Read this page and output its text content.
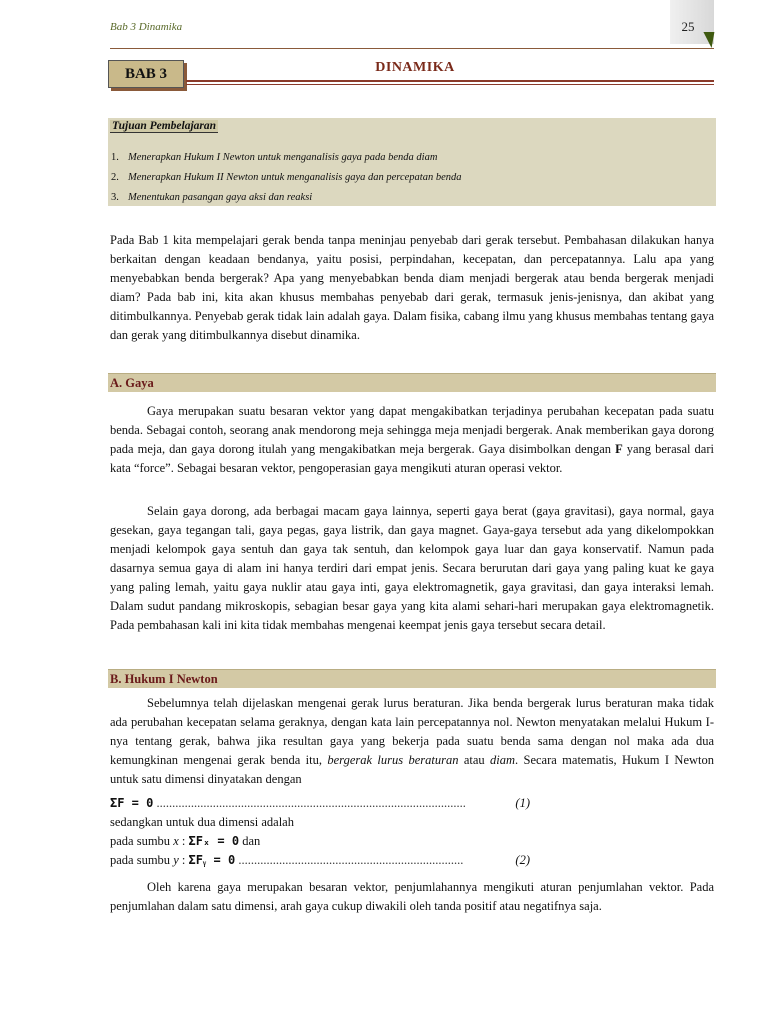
Bab 3 Dinamika	25
BAB 3	DINAMIKA
Tujuan Pembelajaran
1. Menerapkan Hukum I Newton untuk menganalisis gaya pada benda diam
2. Menerapkan Hukum II Newton untuk menganalisis gaya dan percepatan benda
3. Menentukan pasangan gaya aksi dan reaksi

Pada Bab 1 kita mempelajari gerak benda tanpa meninjau penyebab dari gerak tersebut. Pembahasan dilakukan hanya berkaitan dengan keadaan bendanya, yaitu posisi, perpindahan, kecepatan, dan percepatannya. Lalu apa yang menyebabkan benda bergerak? Apa yang menyebabkan benda diam menjadi bergerak atau benda bergerak menjadi diam? Pada bab ini, kita akan khusus membahas penyebab dari gerak, termasuk jenis-jenisnya, dan akibat yang ditimbulkannya. Penyebab gerak tidak lain adalah gaya. Dalam fisika, cabang ilmu yang khusus membahas tentang gaya dan gerak yang ditimbulkannya disebut dinamika.

A. Gaya

Gaya merupakan suatu besaran vektor yang dapat mengakibatkan terjadinya perubahan kecepatan pada suatu benda. Sebagai contoh, seorang anak mendorong meja sehingga meja menjadi bergerak. Anak memberikan gaya dorong pada meja, dan gaya dorong itulah yang mengakibatkan meja bergerak. Gaya disimbolkan dengan F yang berasal dari kata “force”. Sebagai besaran vektor, pengoperasian gaya mengikuti aturan operasi vektor.

Selain gaya dorong, ada berbagai macam gaya lainnya, seperti gaya berat (gaya gravitasi), gaya normal, gaya gesekan, gaya tegangan tali, gaya pegas, gaya listrik, dan gaya magnet. Gaya-gaya tersebut ada yang dikelompokkan menjadi kelompok gaya sentuh dan gaya tak sentuh, dan kelompok gaya luar dan gaya konservatif. Namun pada dasarnya semua gaya di alam ini hanya terdiri dari empat jenis. Secara berurutan dari gaya yang paling kuat ke gaya yang paling lemah, yaitu gaya nuklir atau gaya inti, gaya elektromagnetik, gaya gravitasi, dan gaya interaksi lemah. Dalam sudut pandang mikroskopis, sebagian besar gaya yang kita alami sehari-hari merupakan gaya elektromagnetik. Pada pembahasan kali ini kita tidak membahas mengenai keempat jenis gaya tersebut secara detail.

B. Hukum I Newton

Sebelumnya telah dijelaskan mengenai gerak lurus beraturan. Jika benda bergerak lurus beraturan maka tidak ada perubahan kecepatan selama geraknya, dengan kata lain percepatannya nol. Newton menyatakan melalui Hukum I-nya tentang gerak, bahwa jika resultan gaya yang bekerja pada suatu benda sama dengan nol maka ada dua kemungkinan mengenai gerak benda itu, bergerak lurus beraturan atau diam. Secara matematis, Hukum I Newton untuk satu dimensi dinyatakan dengan

ΣF = 0 ...................................................................................................	(1)
sedangkan untuk dua dimensi adalah
pada sumbu x : ΣFₓ = 0 dan
pada sumbu y : ΣFᵧ = 0 ........................................................................	(2)

Oleh karena gaya merupakan besaran vektor, penjumlahannya mengikuti aturan penjumlahan vektor. Pada penjumlahan dalam satu dimensi, arah gaya cukup diwakili oleh tanda positif atau negatifnya saja.
